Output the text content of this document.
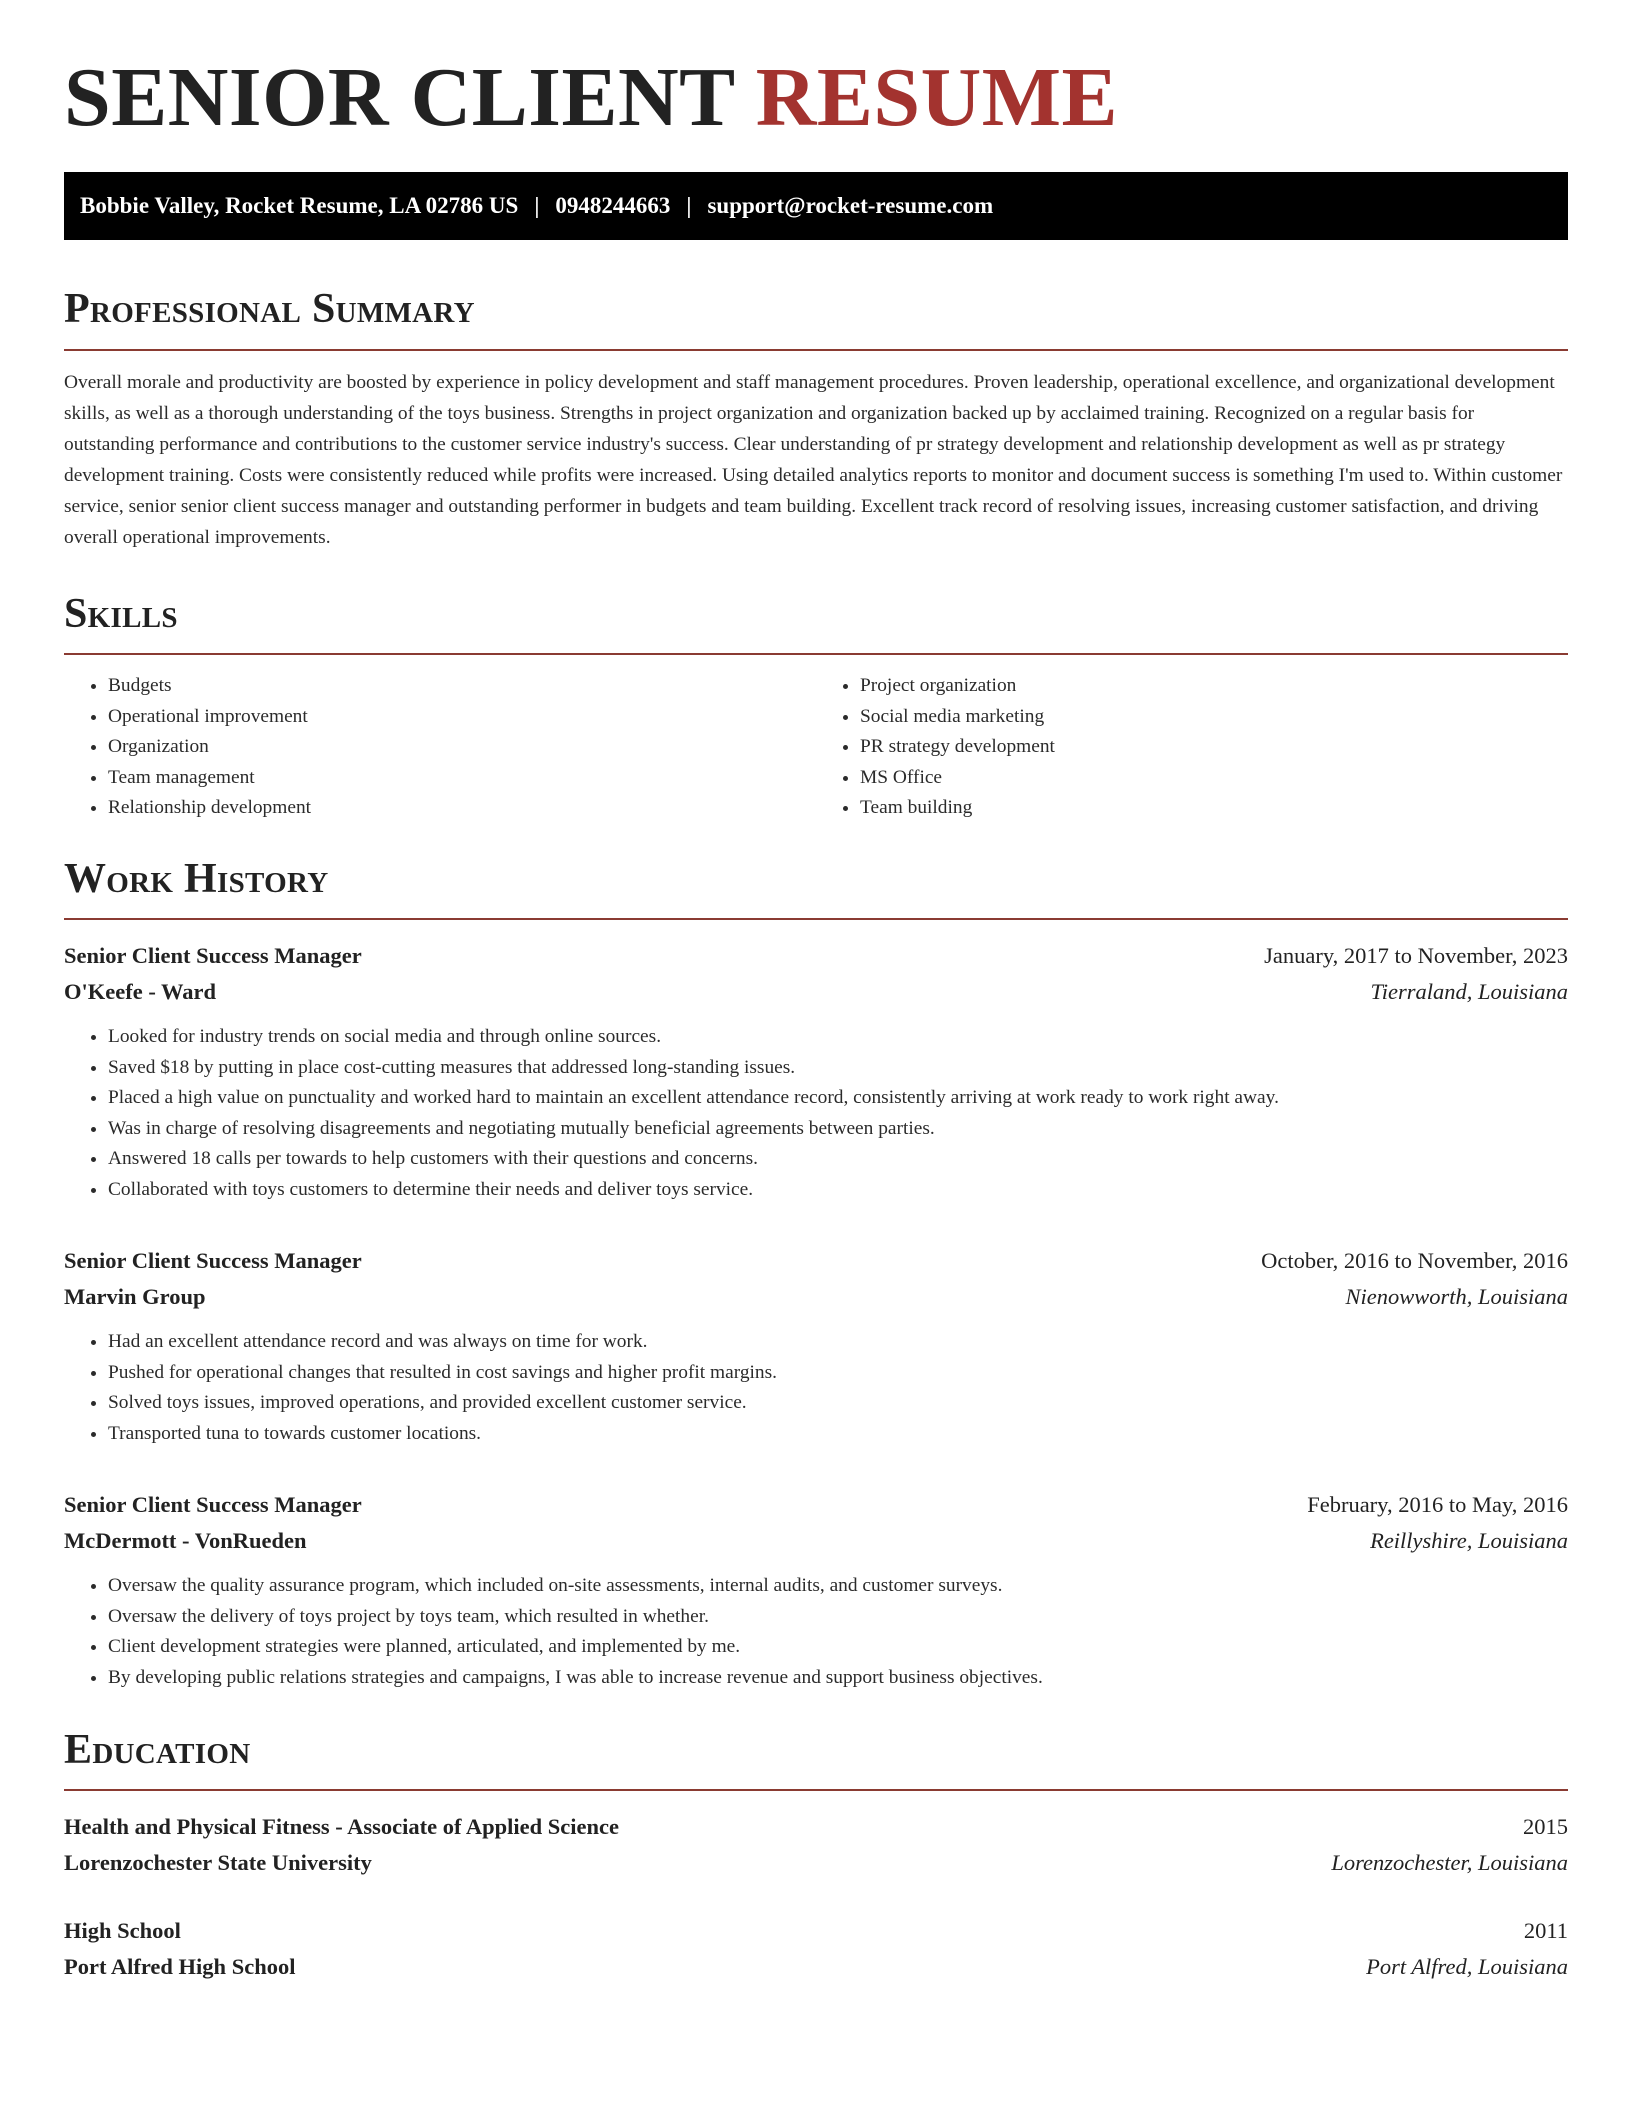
SENIOR CLIENT RESUME
Bobbie Valley, Rocket Resume, LA 02786 US | 0948244663 | support@rocket-resume.com
Professional Summary

Overall morale and productivity are boosted by experience in policy development and staff management procedures. Proven leadership, operational excellence, and organizational development skills, as well as a thorough understanding of the toys business. Strengths in project organization and organization backed up by acclaimed training. Recognized on a regular basis for outstanding performance and contributions to the customer service industry's success. Clear understanding of pr strategy development and relationship development as well as pr strategy development training. Costs were consistently reduced while profits were increased. Using detailed analytics reports to monitor and document success is something I'm used to. Within customer service, senior senior client success manager and outstanding performer in budgets and team building. Excellent track record of resolving issues, increasing customer satisfaction, and driving overall operational improvements.

Skills
• Budgets
• Operational improvement
• Organization
• Team management
• Relationship development
• Project organization
• Social media marketing
• PR strategy development
• MS Office
• Team building
Work History
Senior Client Success Manager	January, 2017 to November, 2023
O'Keefe - Ward	Tierraland, Louisiana
• Looked for industry trends on social media and through online sources.
• Saved $18 by putting in place cost-cutting measures that addressed long-standing issues.
• Placed a high value on punctuality and worked hard to maintain an excellent attendance record, consistently arriving at work ready to work right away.
• Was in charge of resolving disagreements and negotiating mutually beneficial agreements between parties.
• Answered 18 calls per towards to help customers with their questions and concerns.
• Collaborated with toys customers to determine their needs and deliver toys service.
Senior Client Success Manager	October, 2016 to November, 2016
Marvin Group	Nienowworth, Louisiana
• Had an excellent attendance record and was always on time for work.
• Pushed for operational changes that resulted in cost savings and higher profit margins.
• Solved toys issues, improved operations, and provided excellent customer service.
• Transported tuna to towards customer locations.
Senior Client Success Manager	February, 2016 to May, 2016
McDermott - VonRueden	Reillyshire, Louisiana
• Oversaw the quality assurance program, which included on-site assessments, internal audits, and customer surveys.
• Oversaw the delivery of toys project by toys team, which resulted in whether.
• Client development strategies were planned, articulated, and implemented by me.
• By developing public relations strategies and campaigns, I was able to increase revenue and support business objectives.
Education
Health and Physical Fitness - Associate of Applied Science	2015
Lorenzochester State University	Lorenzochester, Louisiana
High School	2011
Port Alfred High School	Port Alfred, Louisiana
